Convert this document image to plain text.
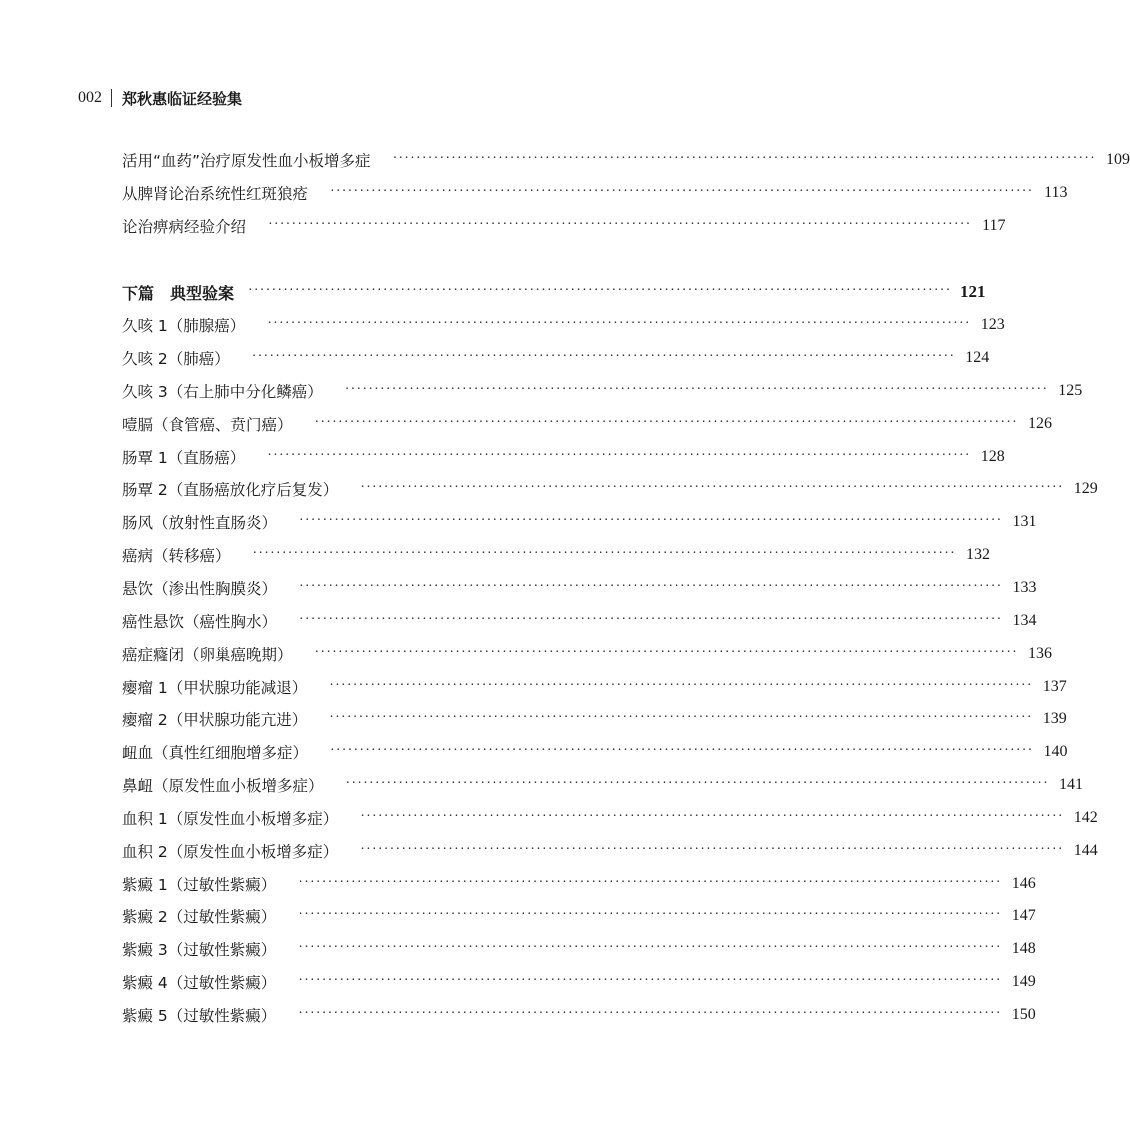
002 郑秋惠临证经验集
活用“血药”治疗原发性血小板增多症 ························································································································ 109
从脾肾论治系统性红斑狼疮 ························································································································ 113
论治痹病经验介绍 ························································································································ 117
下篇　典型验案 ························································································································ 121
久咳 1（肺腺癌） ························································································································ 123
久咳 2（肺癌） ························································································································ 124
久咳 3（右上肺中分化鳞癌） ························································································································ 125
噎膈（食管癌、贲门癌） ························································································································ 126
肠覃 1（直肠癌） ························································································································ 128
肠覃 2（直肠癌放化疗后复发） ························································································································ 129
肠风（放射性直肠炎） ························································································································ 131
癌病（转移癌） ························································································································ 132
悬饮（渗出性胸膜炎） ························································································································ 133
癌性悬饮（癌性胸水） ························································································································ 134
癌症癃闭（卵巢癌晚期） ························································································································ 136
瘿瘤 1（甲状腺功能减退） ························································································································ 137
瘿瘤 2（甲状腺功能亢进） ························································································································ 139
衄血（真性红细胞增多症） ························································································································ 140
鼻衄（原发性血小板增多症） ························································································································ 141
血积 1（原发性血小板增多症） ························································································································ 142
血积 2（原发性血小板增多症） ························································································································ 144
紫癜 1（过敏性紫癜） ························································································································ 146
紫癜 2（过敏性紫癜） ························································································································ 147
紫癜 3（过敏性紫癜） ························································································································ 148
紫癜 4（过敏性紫癜） ························································································································ 149
紫癜 5（过敏性紫癜） ························································································································ 150
